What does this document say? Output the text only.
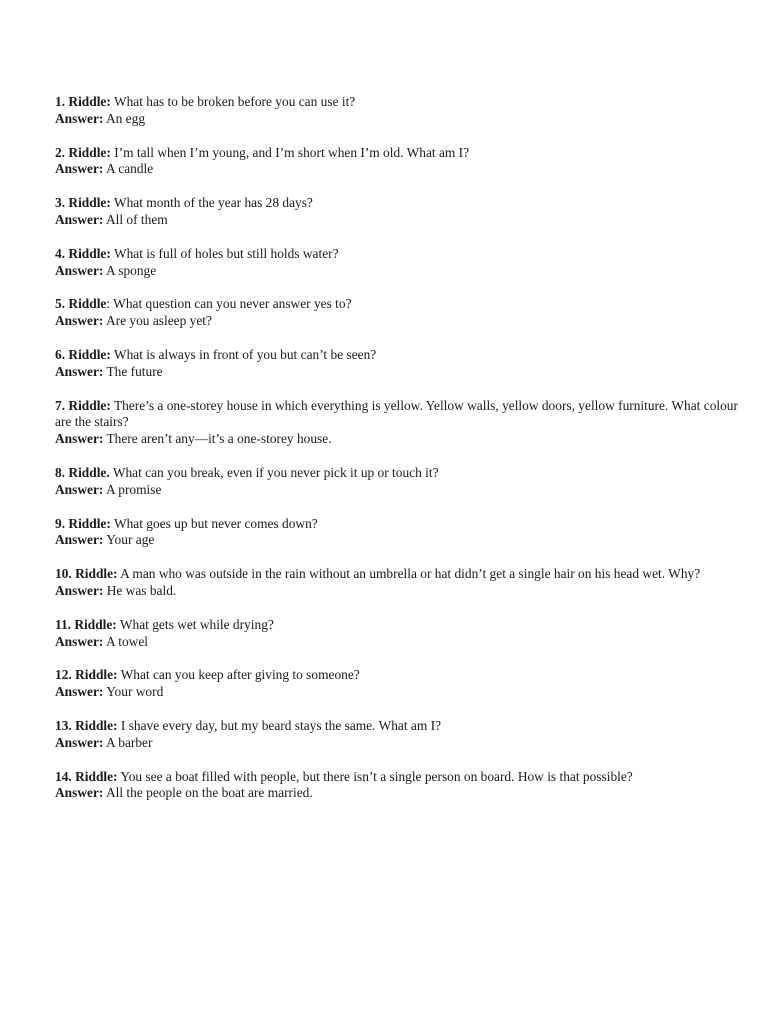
1. Riddle: What has to be broken before you can use it?
Answer: An egg
2. Riddle: I’m tall when I’m young, and I’m short when I’m old. What am I?
Answer: A candle
3. Riddle: What month of the year has 28 days?
Answer: All of them
4. Riddle: What is full of holes but still holds water?
Answer: A sponge
5. Riddle: What question can you never answer yes to?
Answer: Are you asleep yet?
6. Riddle: What is always in front of you but can’t be seen?
Answer: The future
7. Riddle: There’s a one-storey house in which everything is yellow. Yellow walls, yellow doors, yellow furniture. What colour are the stairs?
Answer: There aren’t any—it’s a one-storey house.
8. Riddle. What can you break, even if you never pick it up or touch it?
Answer: A promise
9. Riddle: What goes up but never comes down?
Answer: Your age
10. Riddle: A man who was outside in the rain without an umbrella or hat didn’t get a single hair on his head wet. Why?
Answer: He was bald.
11. Riddle: What gets wet while drying?
Answer: A towel
12. Riddle: What can you keep after giving to someone?
Answer: Your word
13. Riddle: I shave every day, but my beard stays the same. What am I?
Answer: A barber
14. Riddle: You see a boat filled with people, but there isn’t a single person on board. How is that possible?
Answer: All the people on the boat are married.
